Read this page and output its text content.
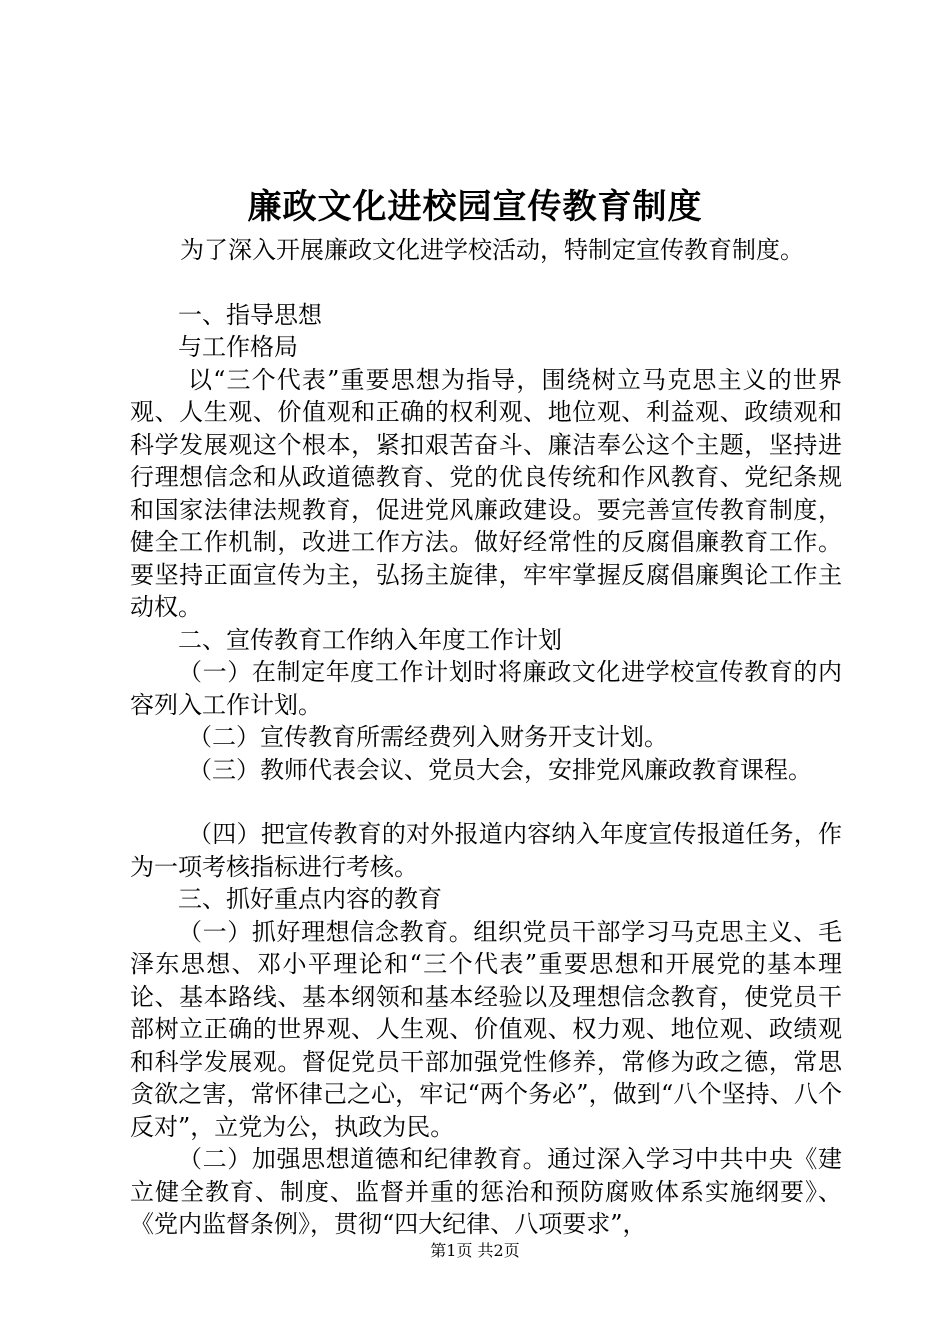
廉政文化进校园宣传教育制度

为了深入开展廉政文化进学校活动，特制定宣传教育制度。

一、指导思想

与工作格局

以“三个代表”重要思想为指导，围绕树立马克思主义的世界观、人生观、价值观和正确的权利观、地位观、利益观、政绩观和科学发展观这个根本，紧扣艰苦奋斗、廉洁奉公这个主题，坚持进行理想信念和从政道德教育、党的优良传统和作风教育、党纪条规和国家法律法规教育，促进党风廉政建设。要完善宣传教育制度，健全工作机制，改进工作方法。做好经常性的反腐倡廉教育工作。要坚持正面宣传为主，弘扬主旋律，牢牢掌握反腐倡廉舆论工作主动权。

二、宣传教育工作纳入年度工作计划

（一）在制定年度工作计划时将廉政文化进学校宣传教育的内容列入工作计划。

（二）宣传教育所需经费列入财务开支计划。

（三）教师代表会议、党员大会，安排党风廉政教育课程。

（四）把宣传教育的对外报道内容纳入年度宣传报道任务，作为一项考核指标进行考核。

三、抓好重点内容的教育

（一）抓好理想信念教育。组织党员干部学习马克思主义、毛泽东思想、邓小平理论和“三个代表”重要思想和开展党的基本理论、基本路线、基本纲领和基本经验以及理想信念教育，使党员干部树立正确的世界观、人生观、价值观、权力观、地位观、政绩观和科学发展观。督促党员干部加强党性修养，常修为政之德，常思贪欲之害，常怀律己之心，牢记“两个务必”，做到“八个坚持、八个反对”，立党为公，执政为民。

（二）加强思想道德和纪律教育。通过深入学习中共中央《建立健全教育、制度、监督并重的惩治和预防腐败体系实施纲要》、《党内监督条例》，贯彻“四大纪律、八项要求”，

第1页 共2页
